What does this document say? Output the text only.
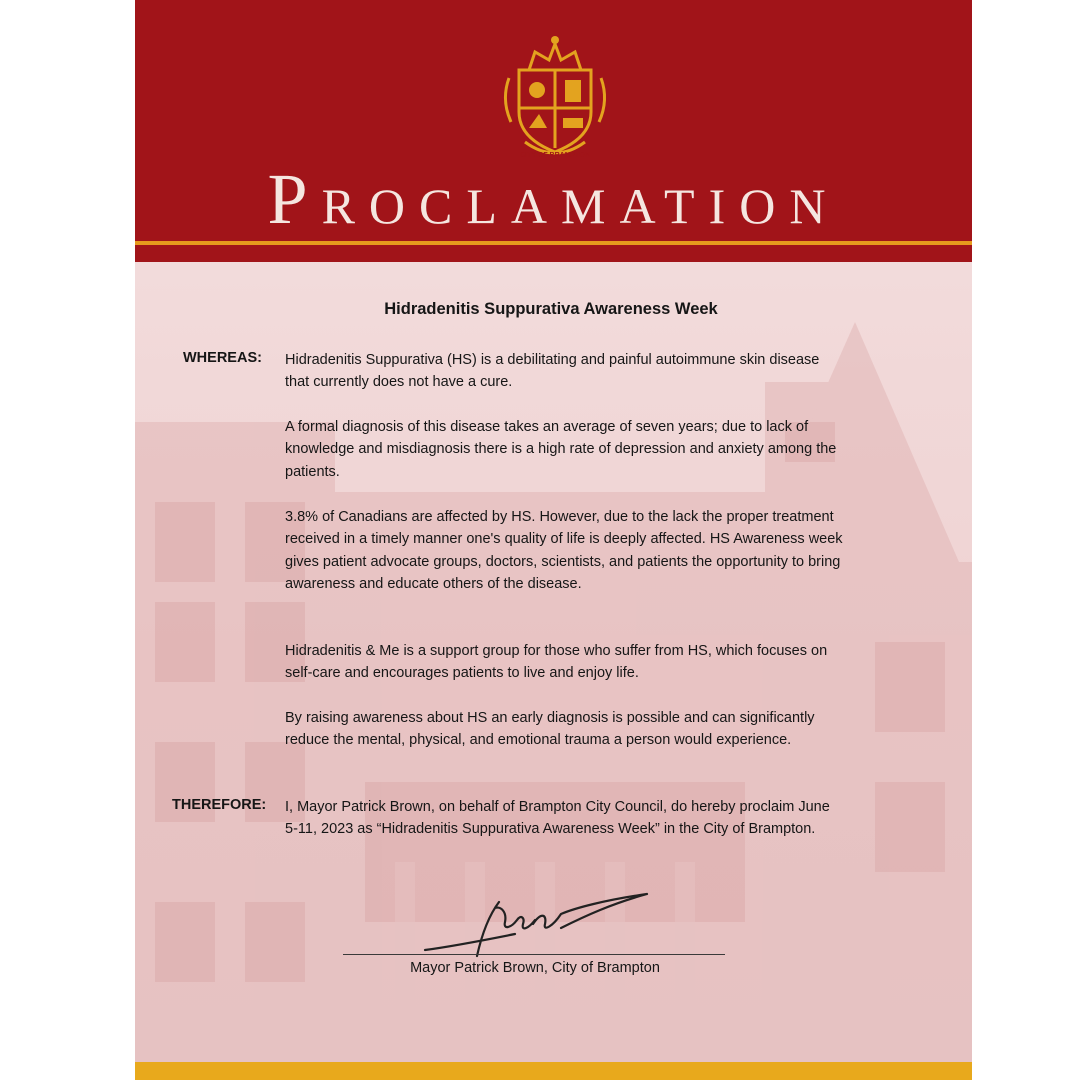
CITY OF BRAMPTON
Proclamation
Hidradenitis Suppurativa Awareness Week
WHEREAS: Hidradenitis Suppurativa (HS) is a debilitating and painful autoimmune skin disease that currently does not have a cure.
A formal diagnosis of this disease takes an average of seven years; due to lack of knowledge and misdiagnosis there is a high rate of depression and anxiety among the patients.
3.8% of Canadians are affected by HS. However, due to the lack the proper treatment received in a timely manner one's quality of life is deeply affected. HS Awareness week gives patient advocate groups, doctors, scientists, and patients the opportunity to bring awareness and educate others of the disease.
Hidradenitis & Me is a support group for those who suffer from HS, which focuses on self-care and encourages patients to live and enjoy life.
By raising awareness about HS an early diagnosis is possible and can significantly reduce the mental, physical, and emotional trauma a person would experience.
THEREFORE: I, Mayor Patrick Brown, on behalf of Brampton City Council, do hereby proclaim June 5-11, 2023 as “Hidradenitis Suppurativa Awareness Week” in the City of Brampton.
Mayor Patrick Brown, City of Brampton
